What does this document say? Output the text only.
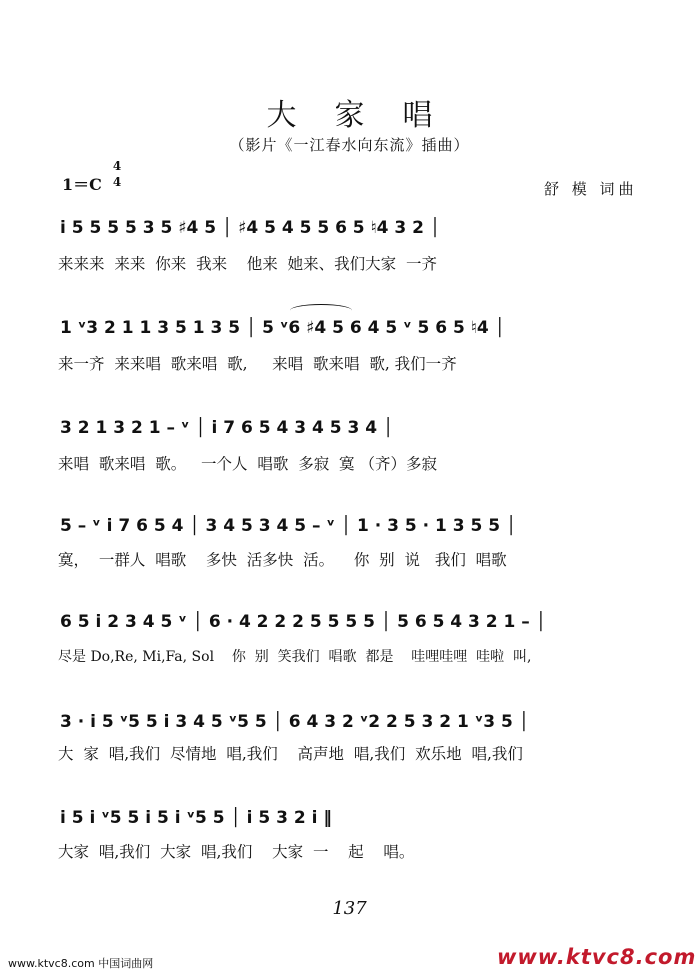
大家唱
（影片《一江春水向东流》插曲）
1＝C
4
4	舒 模 词曲
i 5 5 5 5 3 5 ♯4 5 │ ♯4 5 4 5 5 6 5 ♮4 3 2 │
来来来  来来  你来  我来    他来  她来、我们大家  一齐
1 ᵛ3 2 1 1 3 5 1 3 5 │ 5 ᵛ6 ♯4 5 6 4 5 ᵛ 5 6 5 ♮4 │
来一齐  来来唱  歌来唱  歌,     来唱  歌来唱  歌, 我们一齐
3 2 1 3 2 1 – ᵛ │ i 7 6 5 4 3 4 5 3 4 │
来唱  歌来唱  歌。   一个人  唱歌  多寂  寞 （齐）多寂
5 – ᵛ i 7 6 5 4 │ 3 4 5 3 4 5 – ᵛ │ 1 · 3 5 · 1 3 5 5 │
寞，  一群人  唱歌    多快  活多快  活。    你  别  说   我们  唱歌
6 5 i 2 3 4 5 ᵛ │ 6 · 4 2 2 2 5 5 5 5 │ 5 6 5 4 3 2 1 – │
尽是 Do,Re, Mi,Fa, Sol    你  别  笑我们  唱歌  都是    哇哩哇哩  哇啦  叫,
3 · i 5 ᵛ5 5 i 3 4 5 ᵛ5 5 │ 6 4 3 2 ᵛ2 2 5 3 2 1 ᵛ3 5 │
大  家  唱,我们  尽情地  唱,我们    高声地  唱,我们  欢乐地  唱,我们
i 5 i ᵛ5 5 i 5 i ᵛ5 5 │ i 5 3 2 i ‖
大家  唱,我们  大家  唱,我们    大家  一    起    唱。
137
www.ktvc8.com 中国词曲网	www.ktvc8.com
